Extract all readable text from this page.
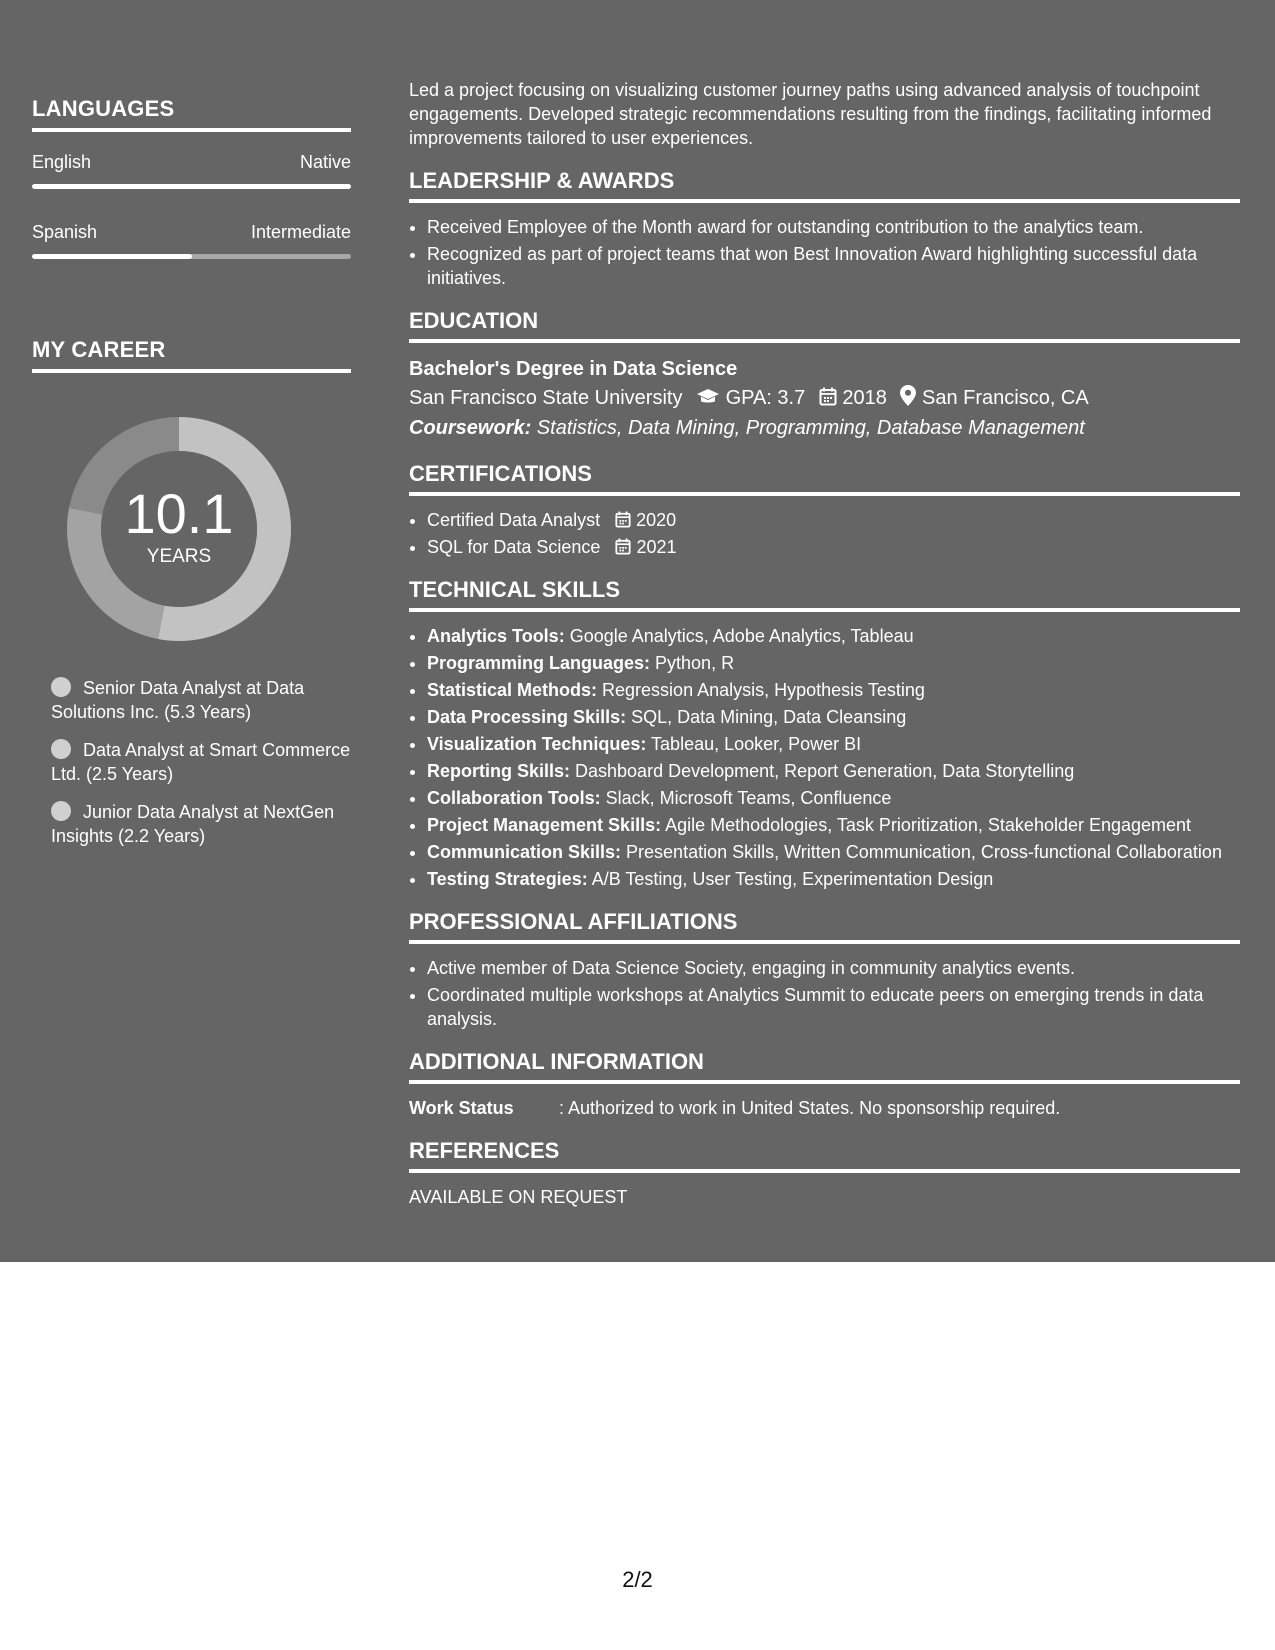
LANGUAGES
English	Native
Spanish	Intermediate
MY CAREER
10.1
YEARS
Senior Data Analyst at Data Solutions Inc. (5.3 Years)
Data Analyst at Smart Commerce Ltd. (2.5 Years)
Junior Data Analyst at NextGen Insights (2.2 Years)

Led a project focusing on visualizing customer journey paths using advanced analysis of touchpoint engagements. Developed strategic recommendations resulting from the findings, facilitating informed improvements tailored to user experiences.

LEADERSHIP & AWARDS
• Received Employee of the Month award for outstanding contribution to the analytics team.
• Recognized as part of project teams that won Best Innovation Award highlighting successful data initiatives.
EDUCATION
Bachelor's Degree in Data Science
San Francisco State University GPA: 3.7 2018 San Francisco, CA
Coursework: Statistics, Data Mining, Programming, Database Management
CERTIFICATIONS
• Certified Data Analyst 2020
• SQL for Data Science 2021
TECHNICAL SKILLS
• Analytics Tools: Google Analytics, Adobe Analytics, Tableau
• Programming Languages: Python, R
• Statistical Methods: Regression Analysis, Hypothesis Testing
• Data Processing Skills: SQL, Data Mining, Data Cleansing
• Visualization Techniques: Tableau, Looker, Power BI
• Reporting Skills: Dashboard Development, Report Generation, Data Storytelling
• Collaboration Tools: Slack, Microsoft Teams, Confluence
• Project Management Skills: Agile Methodologies, Task Prioritization, Stakeholder Engagement
• Communication Skills: Presentation Skills, Written Communication, Cross-functional Collaboration
• Testing Strategies: A/B Testing, User Testing, Experimentation Design
PROFESSIONAL AFFILIATIONS
• Active member of Data Science Society, engaging in community analytics events.
• Coordinated multiple workshops at Analytics Summit to educate peers on emerging trends in data analysis.
ADDITIONAL INFORMATION
Work Status	: Authorized to work in United States. No sponsorship required.
REFERENCES
AVAILABLE ON REQUEST
2/2
